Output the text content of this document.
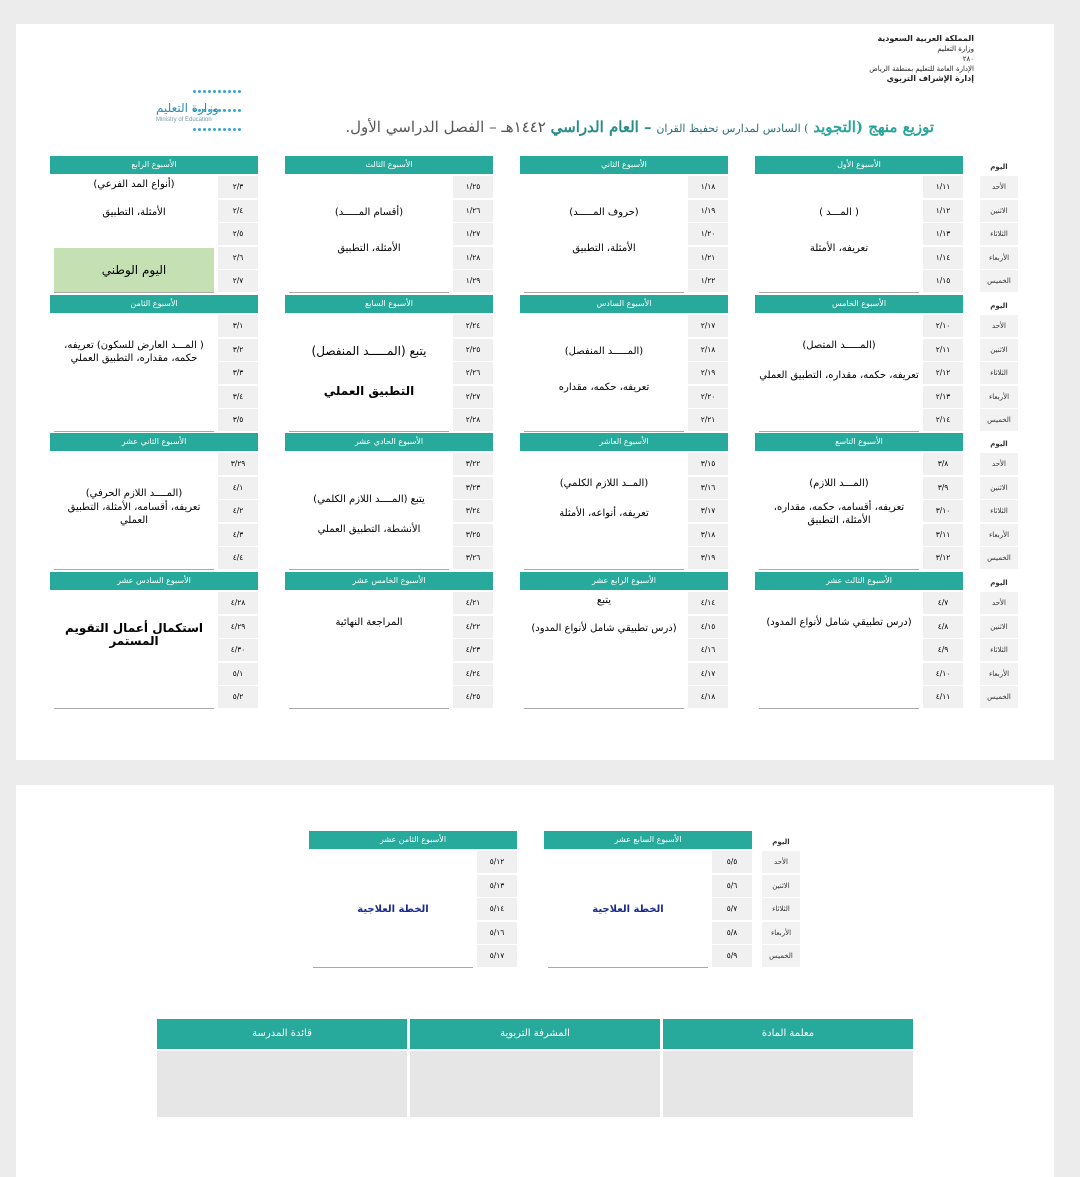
المملكة العربية السعودية
وزارة التعليم
٢٨٠
الإدارة العامة للتعليم بمنطقة الرياض
إدارة الإشراف التربوي

وزارة التعليم
Ministry of Education	توزيع منهج (التجويد ) السادس لمدارس تحفيظ القران – العام الدراسي ١٤٤٢هـ – الفصل الدراسي الأول.
اليوم
الأحد
الاثنين
الثلاثاء
الأربعاء
الخميس
اليوم
الأحد
الاثنين
الثلاثاء
الأربعاء
الخميس
اليوم
الأحد
الاثنين
الثلاثاء
الأربعاء
الخميس
اليوم
الأحد
الاثنين
الثلاثاء
الأربعاء
الخميس
الأسبوع الأول
١/١١
١/١٢
١/١٣
١/١٤
١/١٥
( المـــد )
تعريفه، الأمثلة
الأسبوع الثاني
١/١٨
١/١٩
١/٢٠
١/٢١
١/٢٢
(حروف المـــــد)
الأمثلة، التطبيق
الأسبوع الثالث
١/٢٥
١/٢٦
١/٢٧
١/٢٨
١/٢٩
(أقسام المـــــد)
الأمثلة، التطبيق
الأسبوع الرابع
٢/٣
٢/٤
٢/٥
٢/٦
٢/٧
(أنواع المد الفرعي)
الأمثلة، التطبيق
اليوم الوطني
الأسبوع الخامس
٢/١٠
٢/١١
٢/١٢
٢/١٣
٢/١٤
(المـــــد المتصل)
تعريفه، حكمه، مقداره، التطبيق العملي
الأسبوع السادس
٢/١٧
٢/١٨
٢/١٩
٢/٢٠
٢/٢١
(المـــــد المنفصل)
تعريفه، حكمه، مقداره
الأسبوع السابع
٢/٢٤
٢/٢٥
٢/٢٦
٢/٢٧
٢/٢٨
يتبع (المـــــد المنفصل)
التطبيق العملي
الأسبوع الثامن
٣/١
٣/٢
٣/٣
٣/٤
٣/٥
( المـــد العارض للسكون) تعريفه، حكمه، مقداره، التطبيق العملي
الأسبوع التاسع
٣/٨
٣/٩
٣/١٠
٣/١١
٣/١٢
(المـــد اللازم)
تعريفه، أقسامه، حكمه، مقداره، الأمثلة، التطبيق
الأسبوع العاشر
٣/١٥
٣/١٦
٣/١٧
٣/١٨
٣/١٩
(المــد اللازم الكلمي)
تعريفه، أنواعه، الأمثلة
الأسبوع الحادي عشر
٣/٢٢
٣/٢٣
٣/٢٤
٣/٢٥
٣/٢٦
يتبع (المــــد اللازم الكلمي)
الأنشطة، التطبيق العملي
الأسبوع الثاني عشر
٣/٢٩
٤/١
٤/٢
٤/٣
٤/٤
(المــــد اللازم الحرفي)
تعريفه، أقسامه، الأمثلة، التطبيق العملي
الأسبوع الثالث عشر
٤/٧
٤/٨
٤/٩
٤/١٠
٤/١١
(درس تطبيقي شامل لأنواع المدود)
الأسبوع الرابع عشر
٤/١٤
٤/١٥
٤/١٦
٤/١٧
٤/١٨
يتبع
(درس تطبيقي شامل لأنواع المدود)
الأسبوع الخامس عشر
٤/٢١
٤/٢٢
٤/٢٣
٤/٢٤
٤/٢٥
المراجعة النهائية
الأسبوع السادس عشر
٤/٢٨
٤/٢٩
٤/٣٠
٥/١
٥/٢
استكمال أعمال التقويم المستمر
اليوم
الأحد
الاثنين
الثلاثاء
الأربعاء
الخميس
الأسبوع السابع عشر
٥/٥
٥/٦
٥/٧
٥/٨
٥/٩
الخطة العلاجية
الأسبوع الثامن عشر
٥/١٢
٥/١٣
٥/١٤
٥/١٦
٥/١٧
الخطة العلاجية
معلمة المادة
المشرفة التربوية
قائدة المدرسة
